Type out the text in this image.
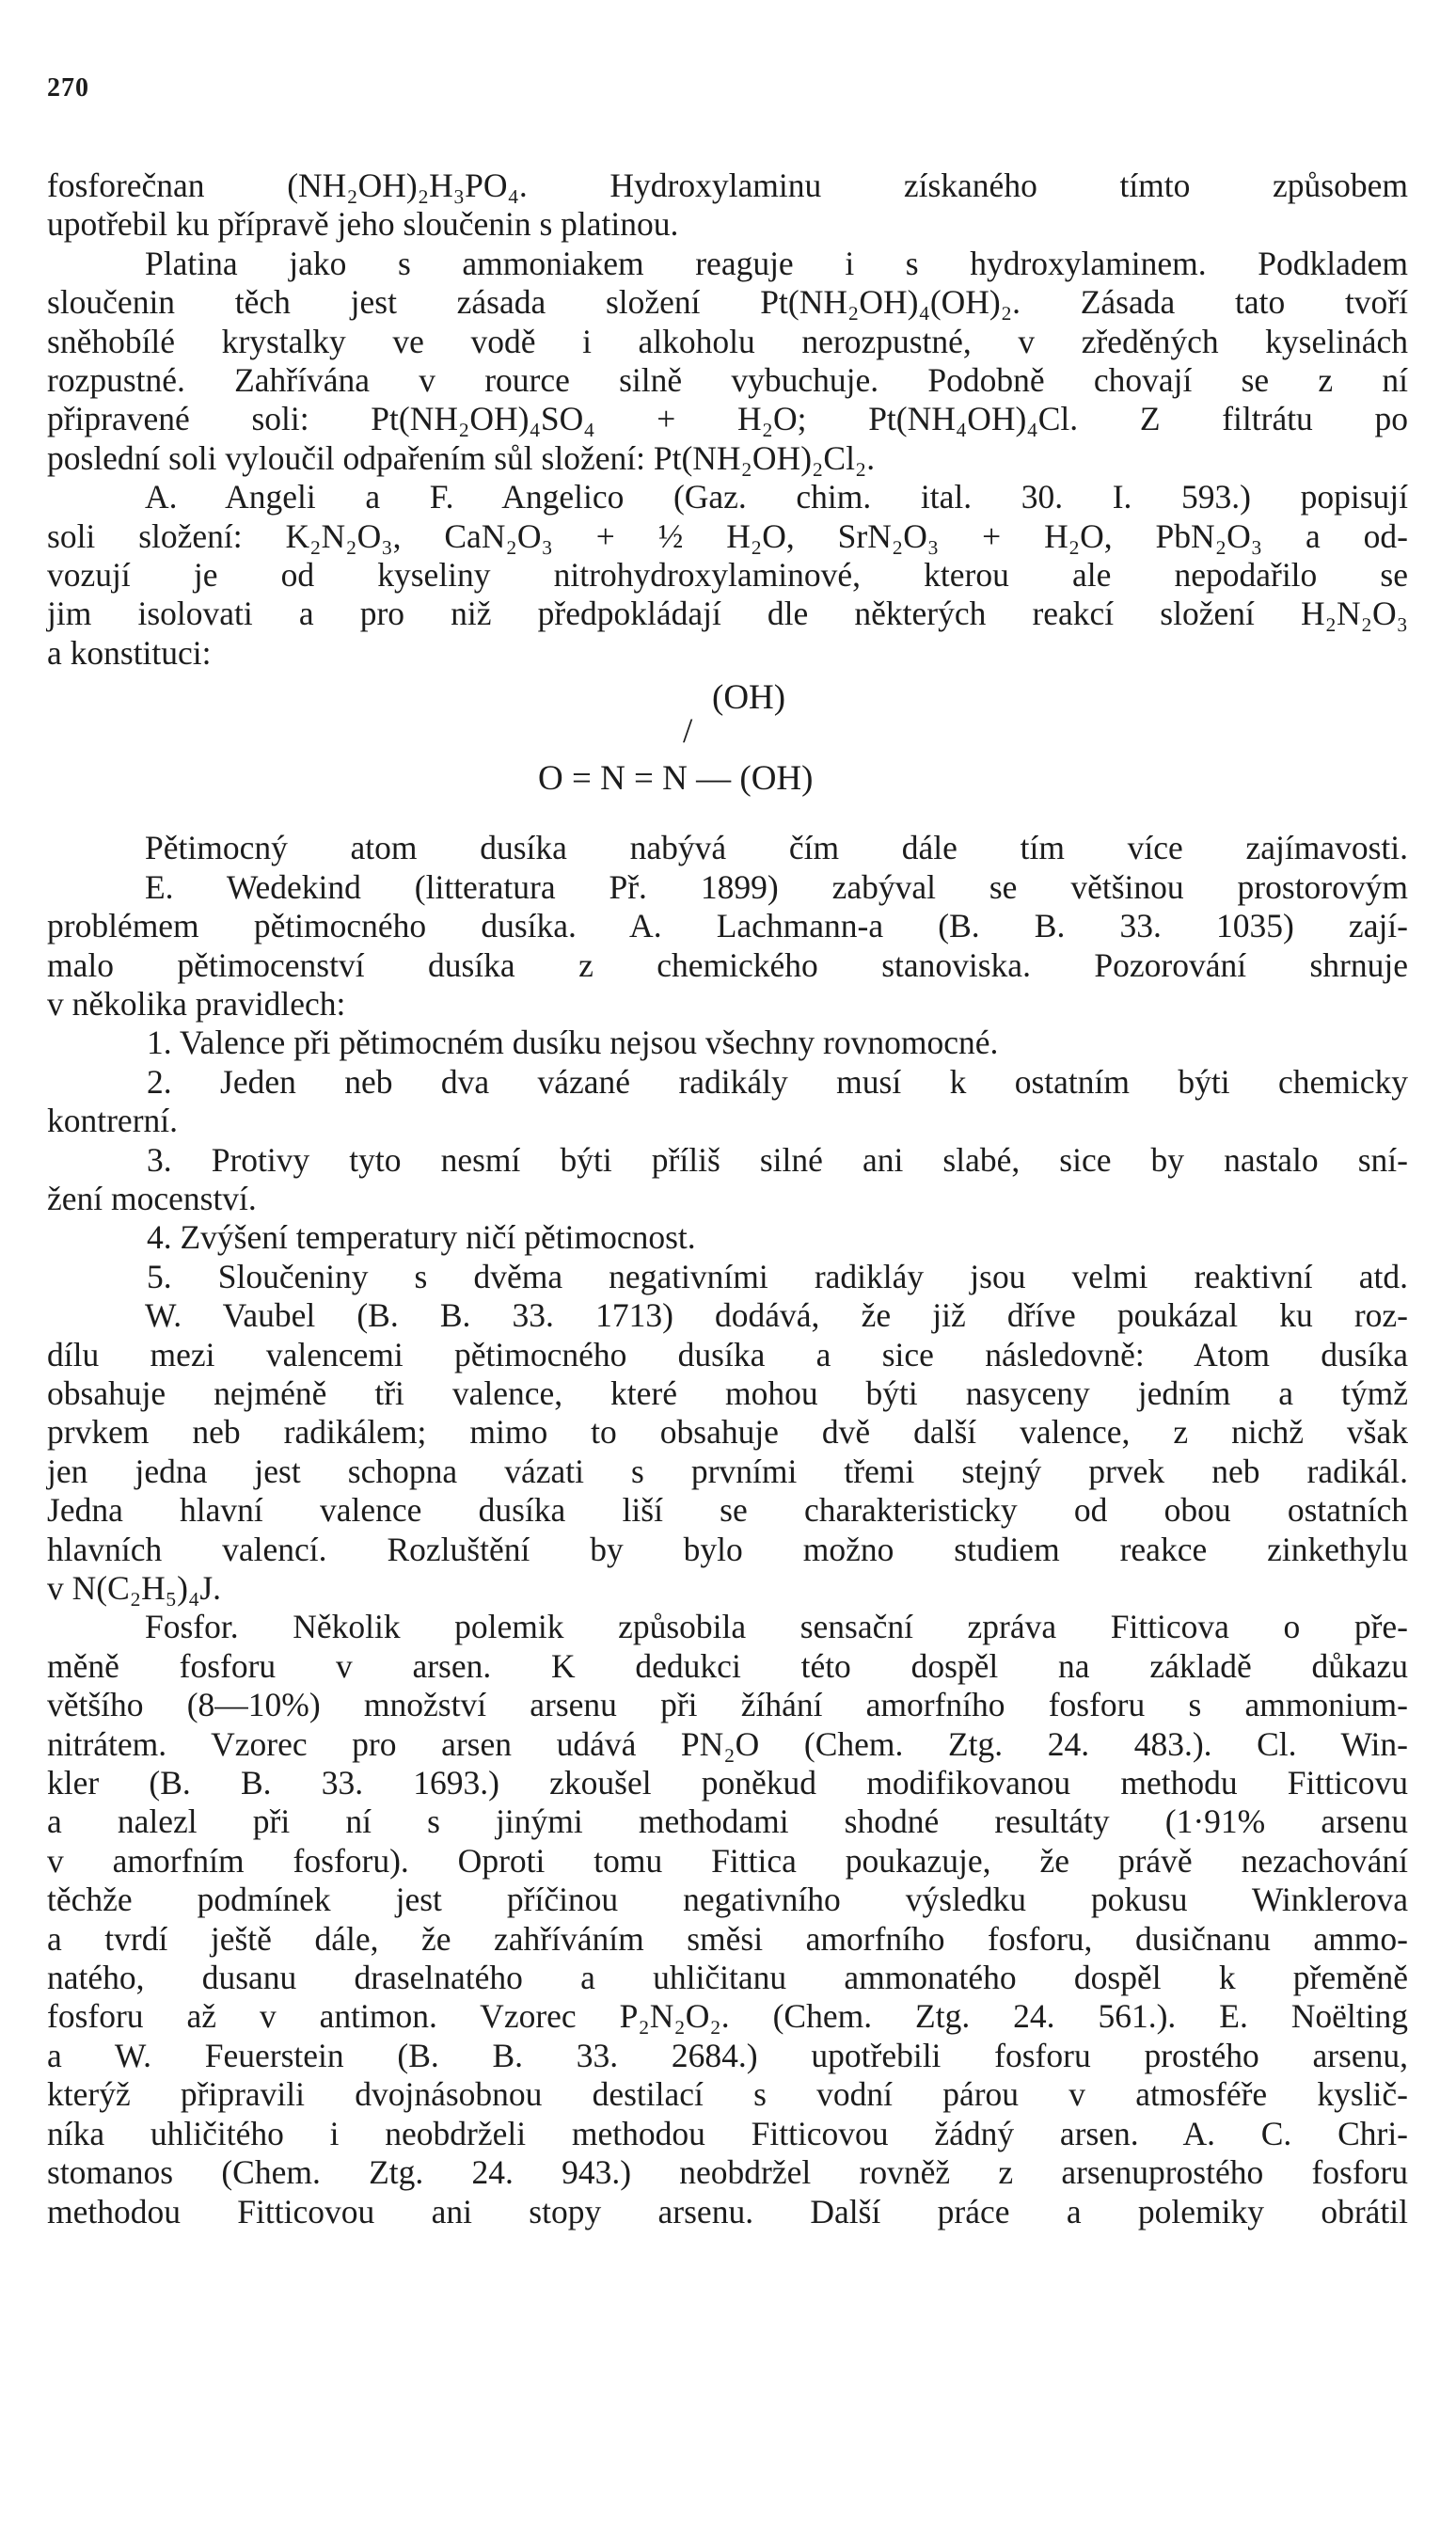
270
fosforečnan (NH₂OH)₂H₃PO₄. Hydroxylaminu získaného tímto způsobem
upotřebil ku přípravě jeho sloučenin s platinou.
Platina jako s ammoniakem reaguje i s hydroxylaminem. Podkladem
sloučenin těch jest zásada složení Pt(NH₂OH)₄(OH)₂. Zásada tato tvoří
sněhobílé krystalky ve vodě i alkoholu nerozpustné, v zředěných kyselinách
rozpustné. Zahřívána v rource silně vybuchuje. Podobně chovají se z ní
připravené soli: Pt(NH₂OH)₄SO₄ + H₂O; Pt(NH₄OH)₄Cl. Z filtrátu po
poslední soli vyloučil odpařením sůl složení: Pt(NH₂OH)₂Cl₂.
A. Angeli a F. Angelico (Gaz. chim. ital. 30. I. 593.) popisují
soli složení: K₂N₂O₃, CaN₂O₃ + ½ H₂O, SrN₂O₃ + H₂O, PbN₂O₃ a od-
vozují je od kyseliny nitrohydroxylaminové, kterou ale nepodařilo se
jim isolovati a pro niž předpokládají dle některých reakcí složení H₂N₂O₃
a konstituci:
(OH)
/
O = N = N — (OH)
Pětimocný atom dusíka nabývá čím dále tím více zajímavosti.
E. Wedekind (litteratura Př. 1899) zabýval se většinou prostorovým
problémem pětimocného dusíka. A. Lachmann-a (B. B. 33. 1035) zají-
malo pětimocenství dusíka z chemického stanoviska. Pozorování shrnuje
v několika pravidlech:
1. Valence při pětimocném dusíku nejsou všechny rovnomocné.
2. Jeden neb dva vázané radikály musí k ostatním býti chemicky
kontrerní.
3. Protivy tyto nesmí býti příliš silné ani slabé, sice by nastalo sní-
žení mocenství.
4. Zvýšení temperatury ničí pětimocnost.
5. Sloučeniny s dvěma negativními radikláy jsou velmi reaktivní atd.
W. Vaubel (B. B. 33. 1713) dodává, že již dříve poukázal ku roz-
dílu mezi valencemi pětimocného dusíka a sice následovně: Atom dusíka
obsahuje nejméně tři valence, které mohou býti nasyceny jedním a týmž
prvkem neb radikálem; mimo to obsahuje dvě další valence, z nichž však
jen jedna jest schopna vázati s prvními třemi stejný prvek neb radikál.
Jedna hlavní valence dusíka liší se charakteristicky od obou ostatních
hlavních valencí. Rozluštění by bylo možno studiem reakce zinkethylu
v N(C₂H₅)₄J.
Fosfor. Několik polemik způsobila sensační zpráva Fitticova o pře-
měně fosforu v arsen. K dedukci této dospěl na základě důkazu
většího (8—10%) množství arsenu při žíhání amorfního fosforu s ammonium-
nitrátem. Vzorec pro arsen udává PN₂O (Chem. Ztg. 24. 483.). Cl. Win-
kler (B. B. 33. 1693.) zkoušel poněkud modifikovanou methodu Fitticovu
a nalezl při ní s jinými methodami shodné resultáty (1·91% arsenu
v amorfním fosforu). Oproti tomu Fittica poukazuje, že právě nezachování
těchže podmínek jest příčinou negativního výsledku pokusu Winklerova
a tvrdí ještě dále, že zahříváním směsi amorfního fosforu, dusičnanu ammo-
natého, dusanu draselnatého a uhličitanu ammonatého dospěl k přeměně
fosforu až v antimon. Vzorec P₂N₂O₂. (Chem. Ztg. 24. 561.). E. Noëlting
a W. Feuerstein (B. B. 33. 2684.) upotřebili fosforu prostého arsenu,
kterýž připravili dvojnásobnou destilací s vodní párou v atmosféře kyslič-
níka uhličitého i neobdrželi methodou Fitticovou žádný arsen. A. C. Chri-
stomanos (Chem. Ztg. 24. 943.) neobdržel rovněž z arsenuprostého fosforu
methodou Fitticovou ani stopy arsenu. Další práce a polemiky obrátil
